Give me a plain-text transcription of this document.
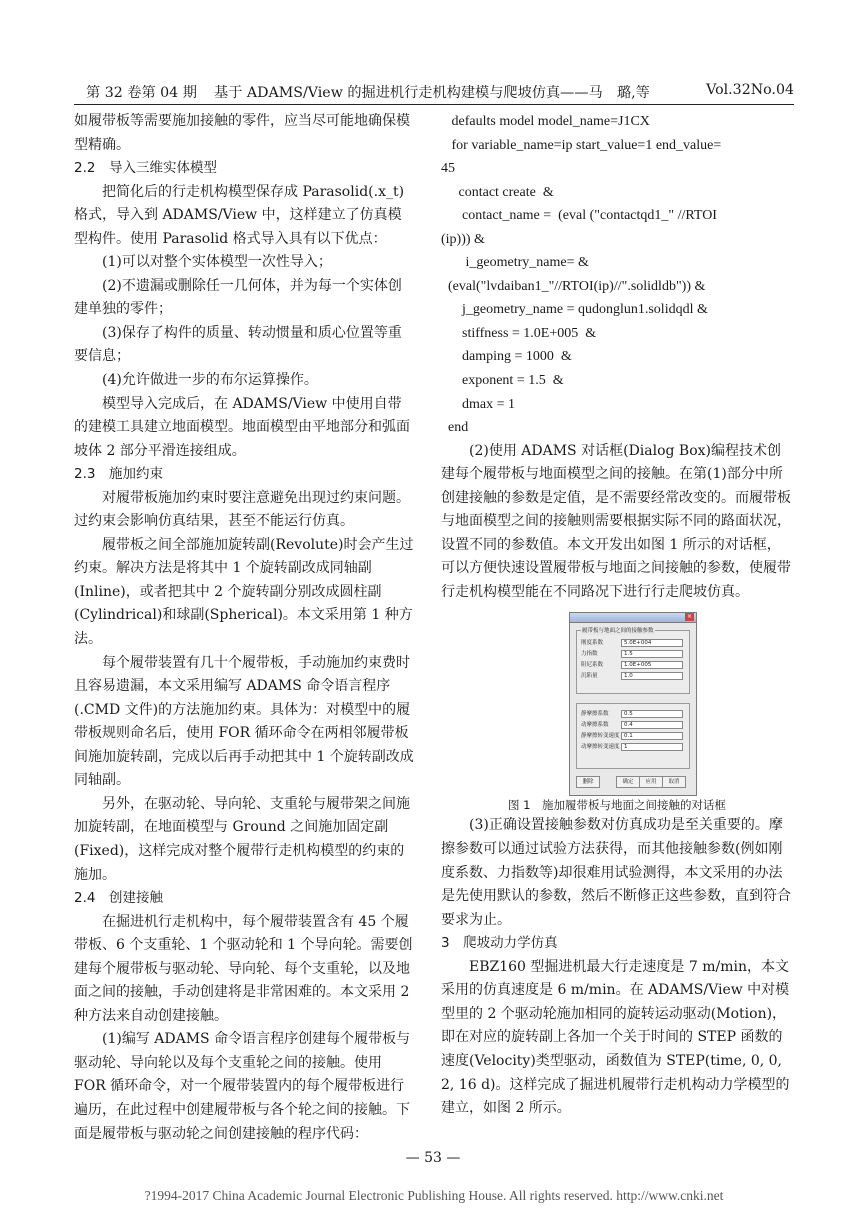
第 32 卷第 04 期 基于 ADAMS/View 的掘进机行走机构建模与爬坡仿真——马　璐,等	Vol.32No.04

如履带板等需要施加接触的零件，应当尽可能地确保模型精确。

2.2　导入三维实体模型

把简化后的行走机构模型保存成 Parasolid(.x_t)格式，导入到 ADAMS/View 中，这样建立了仿真模型构件。使用 Parasolid 格式导入具有以下优点：

(1)可以对整个实体模型一次性导入；

(2)不遗漏或删除任一几何体，并为每一个实体创建单独的零件；

(3)保存了构件的质量、转动惯量和质心位置等重要信息；

(4)允许做进一步的布尔运算操作。

模型导入完成后，在 ADAMS/View 中使用自带的建模工具建立地面模型。地面模型由平地部分和弧面坡体 2 部分平滑连接组成。

2.3　施加约束

对履带板施加约束时要注意避免出现过约束问题。过约束会影响仿真结果，甚至不能运行仿真。

履带板之间全部施加旋转副(Revolute)时会产生过约束。解决方法是将其中 1 个旋转副改成同轴副(Inline)，或者把其中 2 个旋转副分别改成圆柱副(Cylindrical)和球副(Spherical)。本文采用第 1 种方法。

每个履带装置有几十个履带板，手动施加约束费时且容易遗漏，本文采用编写 ADAMS 命令语言程序(.CMD 文件)的方法施加约束。具体为：对模型中的履带板规则命名后，使用 FOR 循环命令在两相邻履带板间施加旋转副，完成以后再手动把其中 1 个旋转副改成同轴副。

另外，在驱动轮、导向轮、支重轮与履带架之间施加旋转副，在地面模型与 Ground 之间施加固定副(Fixed)，这样完成对整个履带行走机构模型的约束的施加。

2.4　创建接触

在掘进机行走机构中，每个履带装置含有 45 个履带板、6 个支重轮、1 个驱动轮和 1 个导向轮。需要创建每个履带板与驱动轮、导向轮、每个支重轮，以及地面之间的接触，手动创建将是非常困难的。本文采用 2 种方法来自动创建接触。

(1)编写 ADAMS 命令语言程序创建每个履带板与驱动轮、导向轮以及每个支重轮之间的接触。使用 FOR 循环命令，对一个履带装置内的每个履带板进行遍历，在此过程中创建履带板与各个轮之间的接触。下面是履带板与驱动轮之间创建接触的程序代码：

defaults model model_name=J1CX
for variable_name=ip start_value=1 end_value=
45
contact create  &
contact_name =  (eval ("contactqd1_" //RTOI
(ip))) &
i_geometry_name= &
(eval("lvdaiban1_"//RTOI(ip)//".solidldb")) &
j_geometry_name = qudonglun1.solidqdl &
stiffness = 1.0E+005  &
damping = 1000  &
exponent = 1.5  &
dmax = 1
end

(2)使用 ADAMS 对话框(Dialog Box)编程技术创建每个履带板与地面模型之间的接触。在第(1)部分中所创建接触的参数是定值，是不需要经常改变的。而履带板与地面模型之间的接触则需要根据实际不同的路面状况，设置不同的参数值。本文开发出如图 1 所示的对话框，可以方便快速设置履带板与地面之间接触的参数，使履带行走机构模型能在不同路况下进行行走爬坡仿真。

×
履带板与地面之间的接触参数
刚度系数	5.0E+004
力指数	1.5
阻尼系数	1.0E+005
沉陷量	1.0
静摩擦系数	0.5
动摩擦系数	0.4
静摩擦转变速度 0.1
动摩擦转变速度 1
删除	确定	应用	取消

图 1　施加履带板与地面之间接触的对话框

(3)正确设置接触参数对仿真成功是至关重要的。摩擦参数可以通过试验方法获得，而其他接触参数(例如刚度系数、力指数等)却很难用试验测得，本文采用的办法是先使用默认的参数，然后不断修正这些参数，直到符合要求为止。

3　爬坡动力学仿真

EBZ160 型掘进机最大行走速度是 7 m/min，本文采用的仿真速度是 6 m/min。在 ADAMS/View 中对模型里的 2 个驱动轮施加相同的旋转运动驱动(Motion)，即在对应的旋转副上各加一个关于时间的 STEP 函数的速度(Velocity)类型驱动，函数值为 STEP(time, 0, 0, 2, 16 d)。这样完成了掘进机履带行走机构动力学模型的建立，如图 2 所示。

— 53 —
?1994-2017 China Academic Journal Electronic Publishing House. All rights reserved. http://www.cnki.net
